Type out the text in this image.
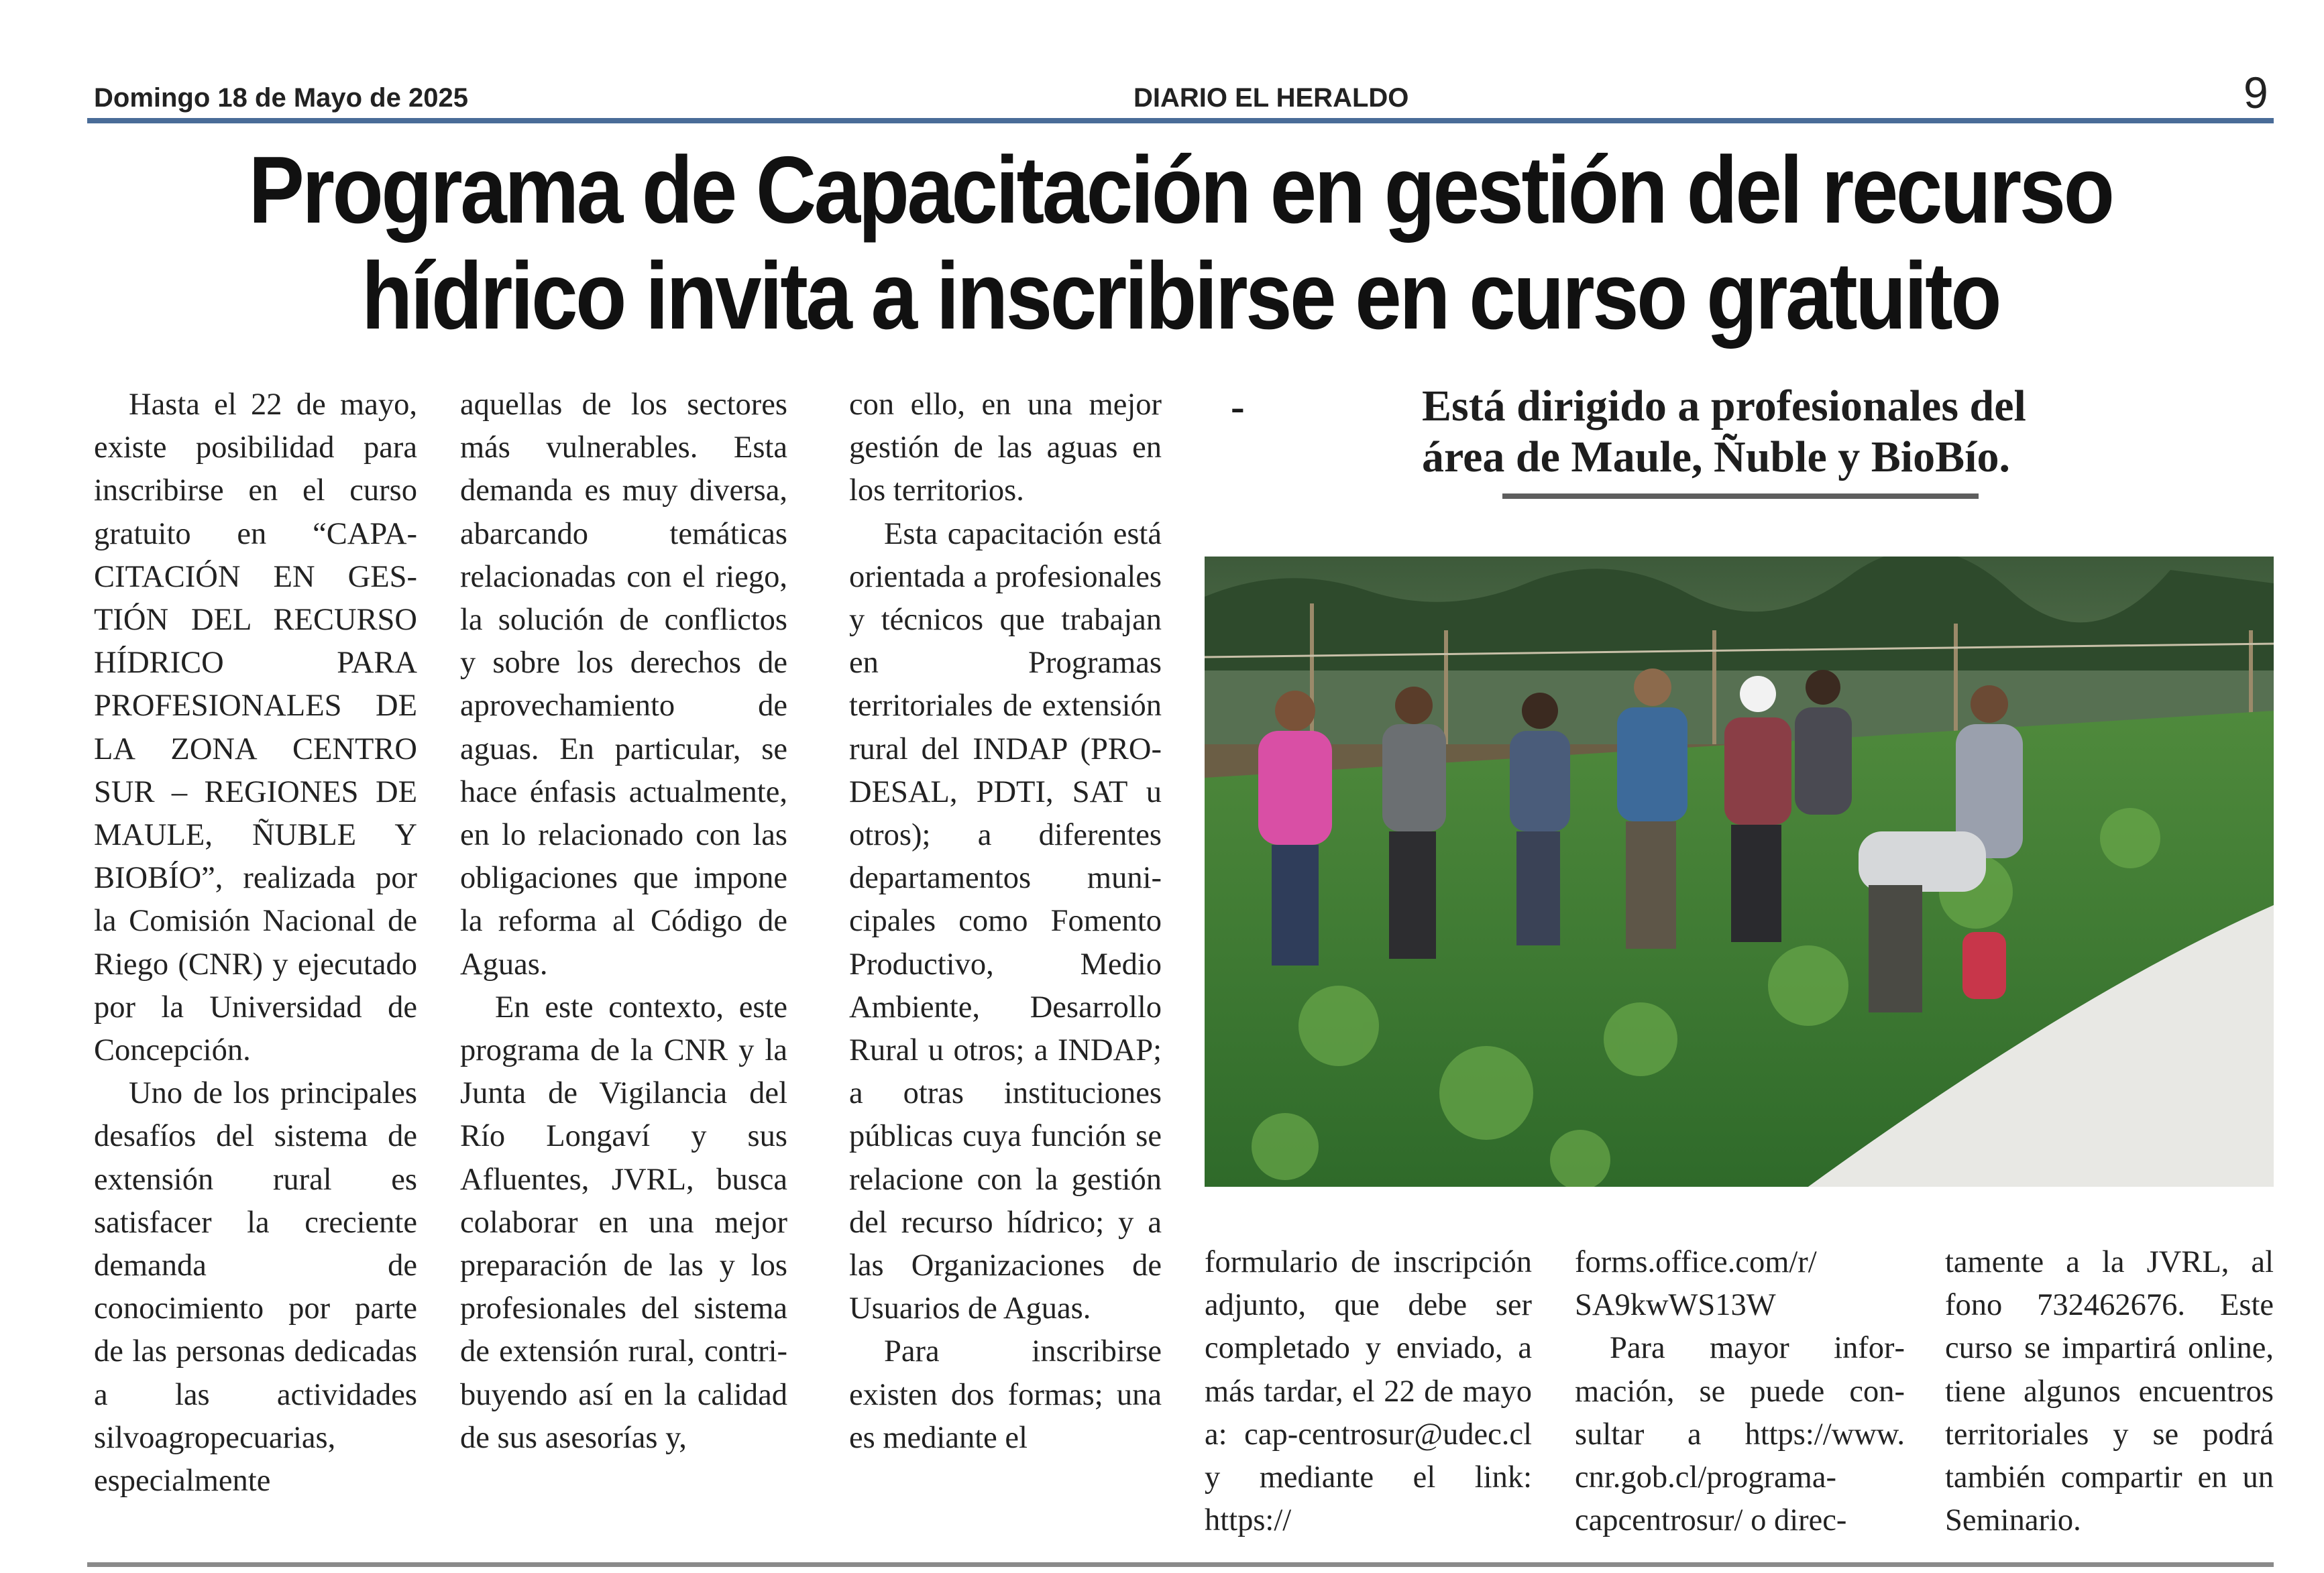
Domingo 18 de Mayo de 2025	DIARIO EL HERALDO	9
Programa de Capacitación en gestión del recurso
hídrico invita a inscribirse en curso gratuito

Hasta el 22 de mayo, existe posibilidad para inscribirse en el curso gratuito en “CAPACITACIÓN EN GESTIÓN DEL RECURSO HÍDRICO PARA PROFESIONALES DE LA ZONA CENTRO SUR – REGIONES DE MAULE, ÑUBLE Y BIOBÍO”, realizada por la Comisión Nacional de Riego (CNR) y ejecutado por la Universidad de Concepción.

Uno de los principales desafíos del sistema de extensión rural es satisfacer la creciente demanda de conocimiento por parte de las personas dedicadas a las actividades silvoagropecuarias, especialmente

aquellas de los sectores más vulnerables. Esta demanda es muy diversa, abarcando temáticas relacionadas con el riego, la solución de conflictos y sobre los derechos de aprovechamiento de aguas. En particular, se hace énfasis actualmente, en lo relacionado con las obligaciones que impone la reforma al Código de Aguas.

En este contexto, este programa de la CNR y la Junta de Vigilancia del Río Longaví y sus Afluentes, JVRL, busca colaborar en una mejor preparación de las y los profesionales del sistema de extensión rural, contribuyendo así en la calidad de sus asesorías y,

con ello, en una mejor gestión de las aguas en los territorios.

Esta capacitación está orientada a profesionales y técnicos que trabajan en Programas territoriales de extensión rural del INDAP (PRODESAL, PDTI, SAT u otros); a diferentes departamentos municipales como Fomento Productivo, Medio Ambiente, Desarrollo Rural u otros; a INDAP; a otras instituciones públicas cuya función se relacione con la gestión del recurso hídrico; y a las Organizaciones de Usuarios de Aguas.

Para inscribirse existen dos formas; una es mediante el

-	Está dirigido a profesionales del
área de Maule, Ñuble y BioBío.

formulario de inscripción adjunto, que debe ser completado y enviado, a más tardar, el 22 de mayo a: cap-centrosur@udec.cl y mediante el link: https://

forms.office.com/r/ SA9kwWS13W

Para mayor información, se puede consultar a https://www. cnr.gob.cl/programa-capcentrosur/ o direc-

tamente a la JVRL, al fono 732462676. Este curso se impartirá online, tiene algunos encuentros territoriales y se podrá también compartir en un Seminario.
